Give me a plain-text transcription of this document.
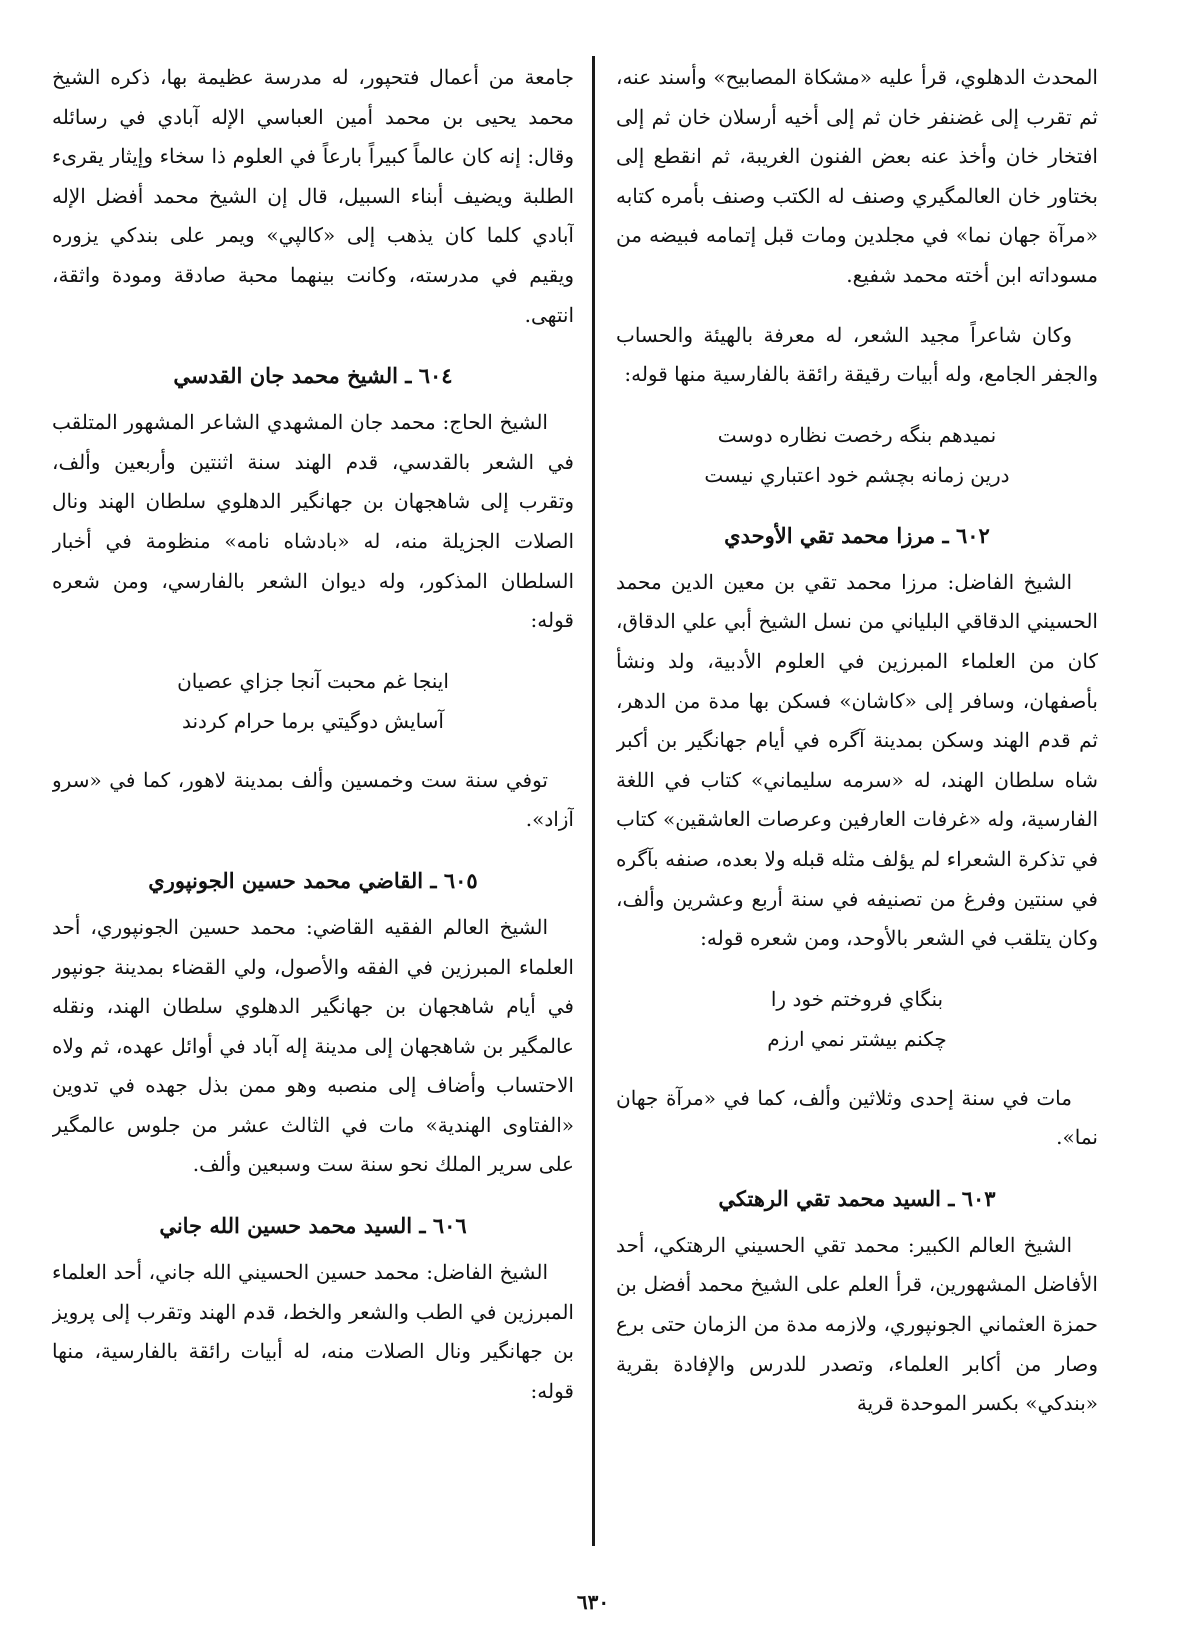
المحدث الدهلوي، قرأ عليه «مشكاة المصابيح» وأسند عنه، ثم تقرب إلى غضنفر خان ثم إلى أخيه أرسلان خان ثم إلى افتخار خان وأخذ عنه بعض الفنون الغريبة، ثم انقطع إلى بختاور خان العالمگيري وصنف له الكتب وصنف بأمره كتابه «مرآة جهان نما» في مجلدين ومات قبل إتمامه فبيضه من مسوداته ابن أخته محمد شفيع.

وكان شاعراً مجيد الشعر، له معرفة بالهيئة والحساب والجفر الجامع، وله أبيات رقيقة رائقة بالفارسية منها قوله:

نميدهم بنگه رخصت نظاره دوست

درين زمانه بچشم خود اعتباري نيست

٦٠٢ ـ مرزا محمد تقي الأوحدي

الشيخ الفاضل: مرزا محمد تقي بن معين الدين محمد الحسيني الدقاقي البلياني من نسل الشيخ أبي علي الدقاق، كان من العلماء المبرزين في العلوم الأدبية، ولد ونشأ بأصفهان، وسافر إلى «كاشان» فسكن بها مدة من الدهر، ثم قدم الهند وسكن بمدينة آگره في أيام جهانگير بن أكبر شاه سلطان الهند، له «سرمه سليماني» كتاب في اللغة الفارسية، وله «غرفات العارفين وعرصات العاشقين» كتاب في تذكرة الشعراء لم يؤلف مثله قبله ولا بعده، صنفه بآگره في سنتين وفرغ من تصنيفه في سنة أربع وعشرين وألف، وكان يتلقب في الشعر بالأوحد، ومن شعره قوله:

بنگاي فروختم خود را

چكنم بيشتر نمي ارزم

مات في سنة إحدى وثلاثين وألف، كما في «مرآة جهان نما».

٦٠٣ ـ السيد محمد تقي الرهتكي

الشيخ العالم الكبير: محمد تقي الحسيني الرهتكي، أحد الأفاضل المشهورين، قرأ العلم على الشيخ محمد أفضل بن حمزة العثماني الجونپوري، ولازمه مدة من الزمان حتى برع وصار من أكابر العلماء، وتصدر للدرس والإفادة بقرية «بندكي» بكسر الموحدة قرية

جامعة من أعمال فتحپور، له مدرسة عظيمة بها، ذكره الشيخ محمد يحيى بن محمد أمين العباسي الإله آبادي في رسائله وقال: إنه كان عالماً كبيراً بارعاً في العلوم ذا سخاء وإيثار يقرىء الطلبة ويضيف أبناء السبيل، قال إن الشيخ محمد أفضل الإله آبادي كلما كان يذهب إلى «كالپي» ويمر على بندكي يزوره ويقيم في مدرسته، وكانت بينهما محبة صادقة ومودة واثقة، انتهى.

٦٠٤ ـ الشيخ محمد جان القدسي

الشيخ الحاج: محمد جان المشهدي الشاعر المشهور المتلقب في الشعر بالقدسي، قدم الهند سنة اثنتين وأربعين وألف، وتقرب إلى شاهجهان بن جهانگير الدهلوي سلطان الهند ونال الصلات الجزيلة منه، له «بادشاه نامه» منظومة في أخبار السلطان المذكور، وله ديوان الشعر بالفارسي، ومن شعره قوله:

اينجا غم محبت آنجا جزاي عصيان

آسايش دوگيتي برما حرام كردند

توفي سنة ست وخمسين وألف بمدينة لاهور، كما في «سرو آزاد».

٦٠٥ ـ القاضي محمد حسين الجونپوري

الشيخ العالم الفقيه القاضي: محمد حسين الجونپوري، أحد العلماء المبرزين في الفقه والأصول، ولي القضاء بمدينة جونپور في أيام شاهجهان بن جهانگير الدهلوي سلطان الهند، ونقله عالمگير بن شاهجهان إلى مدينة إله آباد في أوائل عهده، ثم ولاه الاحتساب وأضاف إلى منصبه وهو ممن بذل جهده في تدوين «الفتاوى الهندية» مات في الثالث عشر من جلوس عالمگير على سرير الملك نحو سنة ست وسبعين وألف.

٦٠٦ ـ السيد محمد حسين الله جاني

الشيخ الفاضل: محمد حسين الحسيني الله جاني، أحد العلماء المبرزين في الطب والشعر والخط، قدم الهند وتقرب إلى پرويز بن جهانگير ونال الصلات منه، له أبيات رائقة بالفارسية، منها قوله:

٦٣٠
